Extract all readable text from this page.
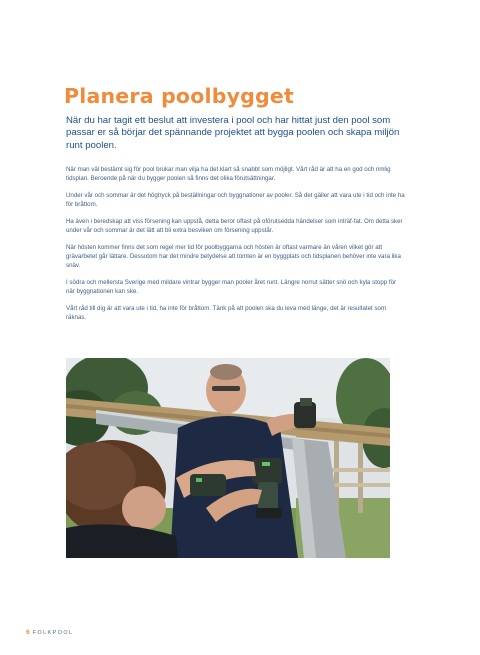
Planera poolbygget

När du har tagit ett beslut att investera i pool och har hittat just den pool som passar er så börjar det spännande projektet att bygga poolen och skapa miljön runt poolen.

När man väl bestämt sig för pool brukar man vilja ha det klart så snabbt som möjligt. Vårt råd är att ha en god och rimlig tidsplan. Beroende på när du bygger poolen så finns det olika förutsättningar.

Under vår och sommar är det högtryck på beställningar och byggnationer av pooler. Så det gäller att vara ute i tid och inte ha för bråttom.

Ha även i beredskap att viss försening kan uppstå, detta beror oftast på oförutsedda händelser som inträf-fat. Om detta sker under vår och sommar är det lätt att bli extra besviken om försening uppstår.

När hösten kommer finns det som regel mer tid för poolbyggarna och hösten är oftast varmare än våren vilket gör att grävarbetet går lättare. Dessutom har det mindre betydelse att tomten är en byggplats och tidsplanen behöver inte vara lika snäv.

I södra och mellersta Sverige med mildare vintrar bygger man pooler året runt. Längre norrut sätter snö och kyla stopp för när byggnationen kan ske.

Vårt råd till dig är att vara ute i tid, ha inte för bråttom. Tänk på att poolen ska du leva med länge, det är resultatet som räknas.

6 FOLKPOOL
